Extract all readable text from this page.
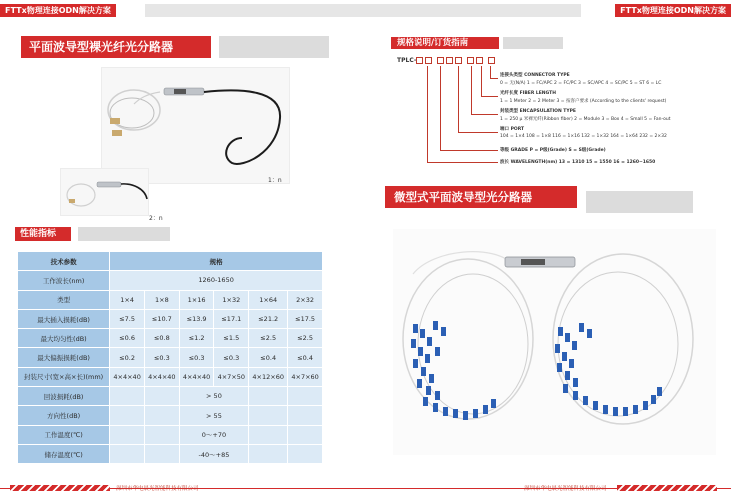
FTTx物理连接ODN解决方案	FTTx物理连接ODN解决方案
平面波导型裸光纤光分路器
1：n
2：n
性能指标
技术参数	规格					
工作波长(nm)	1260-1650					
类型	1×4	1×8	1×16	1×32	1×64	2×32
最大插入损耗(dB)	≤7.5	≤10.7	≤13.9	≤17.1	≤21.2	≤17.5
最大均匀性(dB)	≤0.6	≤0.8	≤1.2	≤1.5	≤2.5	≤2.5
最大偏振损耗(dB)	≤0.2	≤0.3	≤0.3	≤0.3	≤0.4	≤0.4
封装尺寸(宽×高×长)(mm)	4×4×40	4×4×40	4×4×40	4×7×50	4×12×60	4×7×60
回波损耗(dB)			> 50			
方向性(dB)			> 55			
工作温度(℃)			0～+70			
储存温度(℃)			-40～+85			
规格说明/订货指南
TPLC-
连接头类型 CONNECTOR TYPE
0 = 无(N/A) 1 = FC/APC 2 = FC/PC 3 = SC/APC 4 = SC/PC 5 = ST 6 = LC
光纤长度 FIBER LENGTH
1 = 1 Meter 2 = 2 Meter 3 = 按客户要求 (According to the clients' request)
封装类型 ENCAPSULATION TYPE
1 = 250 μ 米裸光纤(Ribbon fiber) 2 = Module 3 = Box 4 = Small 5 = Fan-out
端口 PORT
104 = 1×4 108 = 1×8 116 = 1×16 132 = 1×32 164 = 1×64 232 = 2×32
等级 GRADE P = P级(Grade) S = S级(Grade)
波长 WAVELENGTH(nm) 13 = 1310 15 = 1550 16 = 1260~1650
微型式平面波导型光分路器
深圳市华电晨光智能科技有限公司	深圳市华电晨光智能科技有限公司
